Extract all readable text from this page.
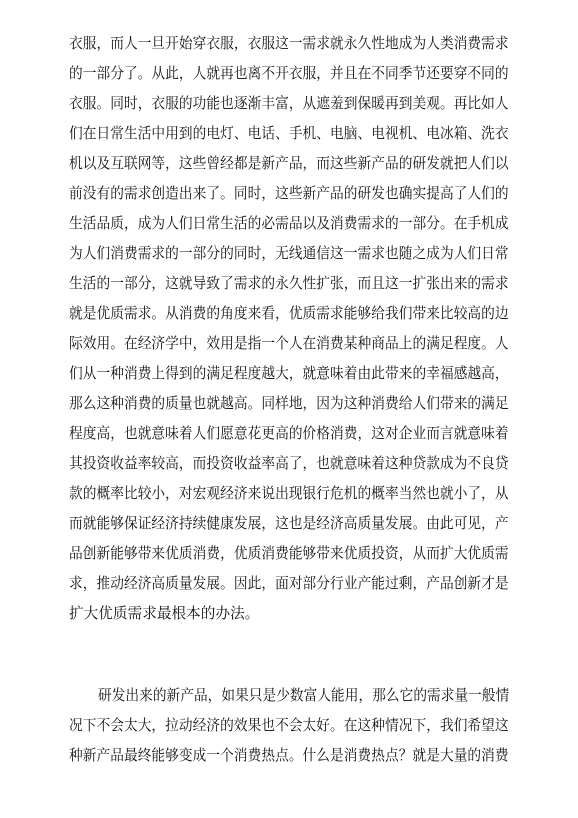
衣服，而人一旦开始穿衣服，衣服这一需求就永久性地成为人类消费需求
的一部分了。从此，人就再也离不开衣服，并且在不同季节还要穿不同的
衣服。同时，衣服的功能也逐渐丰富，从遮羞到保暖再到美观。再比如人
们在日常生活中用到的电灯、电话、手机、电脑、电视机、电冰箱、洗衣
机以及互联网等，这些曾经都是新产品，而这些新产品的研发就把人们以
前没有的需求创造出来了。同时，这些新产品的研发也确实提高了人们的
生活品质，成为人们日常生活的必需品以及消费需求的一部分。在手机成
为人们消费需求的一部分的同时，无线通信这一需求也随之成为人们日常
生活的一部分，这就导致了需求的永久性扩张，而且这一扩张出来的需求
就是优质需求。从消费的角度来看，优质需求能够给我们带来比较高的边
际效用。在经济学中，效用是指一个人在消费某种商品上的满足程度。人
们从一种消费上得到的满足程度越大，就意味着由此带来的幸福感越高，
那么这种消费的质量也就越高。同样地，因为这种消费给人们带来的满足
程度高，也就意味着人们愿意花更高的价格消费，这对企业而言就意味着
其投资收益率较高，而投资收益率高了，也就意味着这种贷款成为不良贷
款的概率比较小，对宏观经济来说出现银行危机的概率当然也就小了，从
而就能够保证经济持续健康发展，这也是经济高质量发展。由此可见，产
品创新能够带来优质消费，优质消费能够带来优质投资，从而扩大优质需
求，推动经济高质量发展。因此，面对部分行业产能过剩，产品创新才是
扩大优质需求最根本的办法。
研发出来的新产品，如果只是少数富人能用，那么它的需求量一般情
况下不会太大，拉动经济的效果也不会太好。在这种情况下，我们希望这
种新产品最终能够变成一个消费热点。什么是消费热点？就是大量的消费
